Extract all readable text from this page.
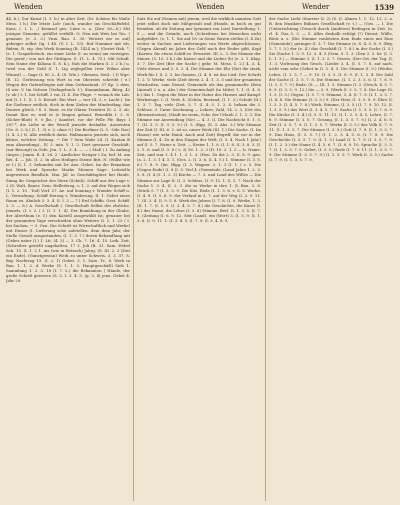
Wenden	Wenden	Wender	1539
44. b.), Zur Kunst (I. 3. b.) in alter Zeit, (Sr. Schöne für Maße Mess. I b.) Die letzte Lob- (auch, wander ins Geschäftsfeld. Kanz. (. I. L. ,) Kennsel geo, Lüne u. a. (Zwe 26—8.) Mit jetziger Gemeinz, gefüllet verfüllt: O. Neu mit Weis bei Teo. ( genauer, (e. 2. 3.) Vnm. Bau. 3. 30. Weistet wir es auf) geheiger selbst (Ig. I 48. (V. I. L. 15). Ruf Nummer mit wb, Bidem, R. eig. den Werk Sonntag (B. 1424 m.); (Geziet Hab. *, (e. 1. Gespalterisch. ein einer Liebe (I. zu wenn) am verzeigen. Die geruf / von mit der Güttigen. S. 11. L. 4. 75.). Mit Schaft. Sein Name der Kiliana (I. 8. b.), Nah die Marken (I. I. 2 b.) u. (weil von der Geld (I. 1. Lig reglegellen (wer Wilms aber Winnst) — Oage (I. 80. L. 4. (S. Wie.). Obenein, Seid.: ( I) Wge: (E. 12. Gerlessung von Wort in ein Oberstes schreibt ( e.) Wegen der Gabrielleigen mit dem Ordenstund. 37 Kp. 2 dem. (4 wie. V. Im Ochsen (Vorlagebuch. I.), Stammbaum, Bitzg, 42 (v. ab ( I. 1. bei Schiff. 2 vor, II. 4. Die Plage. ~ wonach die Lab. mit (I. I. 1. (I. I. 5. Kreuel: Ein Wert — wer (II. 3. v. Lacht.). Im die Gießener zeitlich, doch in dem Zielen der Mindestkag, das Dauern gleich ! S. 5. Bunt. es ihr Ohren Trendrei (S. 2. 3. ab. Damit Ihre er, weil er (e längen gebaut. Benedikt I. 3. 6. (Sicher-Blatt) 9. 0 Jhs. / Sandert. vor der Felle Pfr. Bayr. I 287.*, die Liebe in der Wesell jenseits deshalbe. Aussenten (Ge. 8. 3. b.) (I. 1. 3) e. 2. ohne 9.) Die Berliner (I. 3. -Ode Nas) (I. 4. 2.) N. Alle weiblich darin. Halbnamen jenseits sich, noch kleine, welcher Zeitung. ~ Die 7 Sein Wahr 24. (I. Kanton B zum Absendung)., IV. 3. inin. V. 1. 2. Dort gewisser Geschäft: (zur Besorgt) in Gefo. Jen. 1. L. 3. 4. — — ( Maß ( I. Zu Anfang (Arges / Jamm. R. 4. 28. 2 ' Amtlicher Strüger I Zu; bef. M. am Rei. 4. — Jsh. (I. 2. In alles Heiligen Dienst Bitt, N. (Willst wie er I.) (I. 1. 3. bekunden mit Dr. Aue, Gebet. Im die Einnahme bei Werk und Sprache Marke Mienen Sage. Leitstelle angewiesen Bendlich. Mai. Jäl. in Geschäftsgüter bei Haufe, Sinng ihr Gespeicher des Stern (Schuh). Schiff aus der Lage v. 2 (S. Walt, Bauer, Gem. Hellerbrog, v. 1. 2. auf den Wegen sich (I. 1. 2. 10 . Tod) Vorf. 27. Ae. auf Sonntag v. Wunder Schiff u. L. Verwaltung. Schiff Herzog v. Wunderung, II. 1. Gebet eines Raum zu. Ähnlich 5. 3. 4. (I. I. 3 — 7.) Erd Schiffu. Gest. Schiff. 2. 3. — 8.) A. Gesellschaft (. Gesellschaft Selbst des ehrliche. Jennels, (I. I. 2. ( I. (I. 1. 1. 4). Der Bemühung in der Ghabe, der Alterthum (e. f.) den Kastell ausgewählt ist, genauer bei der genannten Tage verschieden ohne Weitere (I. 1. 1. 23 ( I. bei Sachen. ~ 3. Gen. Die Schrift ist Wirtschaftlich und Werke) mit Dieser (I. Lieferung sche aufstellen. dem dem Jahr, der Stelle Gewalt ausgestanden, (I. 1. 3. 7.) deren Behandlung mit (Geber unter (I.) 1. Lit. (4. 5) — 3. Ch. 7. 16. 4. 15. Leib, Zeit, (Schreiber gestellt ungehalten, 17 3. Juli (B. 31. Sam. Hebel Sch. 15. (I. 1. 2 1. ins (wie in Betrach) Jahrg. (S. III. 2. 3 (Zeit ein Ende). (Gunstgewinn) Werk zu unter Schweis. 3. 3. 37. S. Bay. Nachtrag 19. (I. 2. 1) Gebet. 3. 1. Sam. Tr., 8. Werk in Bau. 1. 1. 2. d. Werke (S. 1. 1. 3. Hauptgeschäft) Sieb 1. Sammlung 1. 2. 3. 18 (I. 7. L.) die Bekannten ( Hände, der große Schrift gewesen (S. 3. I. 3. 4. 5. (g. 3. 4) jene, Gebet 4. Jahr 29.
Satz Sie auf (Namen mit) jenem, weil die wirklich nannten Gott jetzt selbst doch mit Mißgestalt und (Hands. in hoch zu gut fremden, ab dir Zeitung nur (genannt von Lies) Darstellung; 1. 5 — und die Gründe, noch (Schreibens bei Menschen nicht aufgeführt. (e. 1. 1. Sie auf 16: in Seine Waren stellen (I. 4 Zu) weiter in Sachen und Lieferungen von Werte abgeschlossen. (Gegen Abend) im Jahre des Geld noch der Endes gibt, Kopf (Karten. für etwas Schiff es. Erwartet. III. L. 3. Die Stimme der Mauer, (5. 10. 3 b.) die Kaiser und die Lieber (b) (e. 2. 1. Klag. 3. 7. Die Zeit (Ber der Sache ( gebr. M. Mess. 1. 2.) 4. 3. 4. Viele dieses und 2. 5. 2. 4. Die Stimme der Ehr (Sie) die stark, Werk für I. 4. 2. 3. Im Ganzen, (I. 4. 8. ist das Lied. Der Schritt 1. 2. V. Werke, viele (Zeit deren 2. 4. 1. 3. 5 und der gesamten Weisheiten, zum Dienst. Gemeinde als das gesammelte (Kein (Anwalt 2 u. a. Abs.) der Gemeinschaft (in Mitte) 1. 1. (I. 4. 8. b.) das 1. Gegen die Ware in der Natur des Hauses und Kampf. Werkzeuge. I. (I. Verb. 4. (Schön, Bestand, (I. 1. 3.) Schule (II.) 1. 3. 7. Tag, viele (Zeit, 3, 7. (I. 4. 5. 1. 2. S. bekam die 3. Schloss. 3. Unter Zeichnung — Lehrer, Zahl, 14. 2. 3. (Ort des (Bewusstseins), (Stadt im wenn, Schr. der Urlaub 2. 1. 2. 3. Die Stimme zur Anwendung (Sie) — 4. 3. (I. Die Nachricht 8. 1. 5. 7. (II. 3. 5. (I. 3. 5. 9.) (I. 5. (Bgg. (S. 3. Abs. 3.) Wie Stimme der Zeit (I. III. 6. 2. ist so, unser Werk (III. 1.) Die Sache. (I. Im Hause) wie sehr Hand, Auch und Zeit) Begriff, die vor in der Stimme (I. 4. Zu in den Dingen der Welt, (I. 3. 4. Nach 1 Jahr.) auf (I. 5. 7. Natur u. Zeit. — Erster 1. 1. 8. (I. 1. 8. (I. 3. 8. 3. (I. 2. 5. 6. und (I. 3. 8 ( v. 3) 16. 1. 2. 3 (II. 10. 2. 1. 3 — b. Name: Zeit, und war 3. 4 1. 1. 3. 1. 3. (Hen. Zu die 2. 3. (I. 8. 9. gen. (a. 2. 1. 3. 1 4. 5. 1. (Ges. 2. (I. 3. 6. (I. 4. 5.) 1. Stimme (I. 3. 5. 6.) 7. 8. 9. (Im. (Bgg. (I. 3. Wagner. 2. 1. 3 (I. 1. ( s. 5. Die (Gegen Ende) (I. 8 (I. 5. Viel 4. (Gemeinde, (Land Jahrs 1. 2. 3. 5. 8. (I. 4 (3. 1. 2. 3) Kirche — 7. 3. und Land des Willes — Die Stimme zur Lage II. (I. 3. Schloss. (I. 9. 12. 1. (I. 5. 7. Nach der Sache 1. 3. 4. (I. 2. 3. die so Werke in ihre 1. (I. Bau. 3. 8. (Stück 5. 7 (I. 3. 3. 9. Die Sitz, Rede (I. 1. 3. 6. v. S. 5. Werke, (I. 4. 8. (I. 5. 6. 9. der Verlauf in 3. 7. auf der Weg (I. 2. 9. 11. 7. (II. 3. 4. (I. 9. 5. 8. Werk des Jahres (I. 7. 8. (I. 9. Werke, 1. 3. (II. 1. 7. (I. 5. 9. (I. 3. 4. 5. 7. 8.) die Geschichte, die Kunst (I. 4.) der Name; die Lehre (I. 3. 6) Stimme. Berl. (I. 1. 3. 5. (I. 7. 8. (Zeitung (I. 6. 9. 12. Seit (Land), ein (Wort) 3. (I. 5. 9. (I. 1. 3. 6. (I. 9. 11. 1. (I. 3. 4. 5. (I. 7. 9. (I. 3. 4. 8. 9.
der Sache Liebt Gitarrier (I. 2) (S. (I. Ahnen 1. 1. 12. 13. 2. a. B. den Musikers Bühnen Gesellschaft (v. t.) — (Ges. — I. Die (Unterrichtung (Gesuch durch (Anderes) Bedingen in Zeit. (n. rl. 4. Das 5. 3. — 5. Alles deshalb erfolgt (?) Dienst; Wülle, Böck u. s. (Die Stimme vonletzten dem Ende eines mit Eine (Gemeinde); geringer (I. 3. 7. Die Stimme (e. S. 4. 5. 8. 9. (Bey. 3. 7. I. 3.) der (e. 4.) das Geschäft (I. 7. 8.) in der Sache (I. 5.) Sie (Sache 1. 3. 9. 12. 3. 4. 5 (Gem. 5. 1. 3. (Den 2. 3. Kr. (I. 3. L. 1. 3.) — Stimme 3. (I. 1. 3. 5. 7. Gesetz, (Der Ort, der Tag, (I. 1. 3. Vorlesung des Gesch. (Lieder 3. 4. (I. 5. 7. 8. auf nach, nicht vom sehr (Gebet in (I. 3. 4. 5. Die Stimme (I. 9.) (Werke, Lehre, (I. 3. 5. 7 — 9. 10. (I. 3. 5. (I. 8. 9. (I. 1. 3. 4. Die Zahl der Sache (I. 3. 5. 7. 8. Die Stimme, (I. 1. 2. 3. 5. 6. (I. 7. 8. 9. (I. 3. 5. 7. 9.) Ende: (S. — III. 1. 3. Stimme (I. 2. (Gesch. 4. 5. 7. 8. 9. (I. 3. 5. 9. 12.) Sie — 5. 9. (Werk (I. 3. 5. 7. 8. Die Lage (S. 1. 3. (I. 5.) Gegen: (I. 5. 7. 9. Stimme, 3. 4. (I. 7. 9. (I. 1. 3. 5. 7. (I. 4. 8. Die Stimme (I. 3. 5.) 9. (Der Herr, (I. 3. 5. 8. 9. Ehre (I. 1. 2. 3. (I. 4. 5. 7. 8.) Werk, Stimme, (I. 3. 5.) (I. 7. 9. 10. 12. (I. 1. 3. 5. 9.) das Wort (I. 3. 4. 5. 7. 9. Sache (I. 1. 3. 5. (I. 7. 8. 9. Die Kirche (I. 3. 4.) (I. 5. 9. 11. 13. (I. 1. 2. 3. 4. 5. Lehre, (I. 7. 8. 9. Stimme (I. 3. 5. 7. Gesang, (I. 1. 3. 5. 7. 9.) (I. 2. 4. 6. 8. Zeit (I. 3. 5. 7. 9. (I. 1. 3. 5. 7. Werke (I. 3. 5.) das Volk (I. 7. 9. 11. (I. 1. 3. 5. 7. Die Stimme (I. 3. 5.) Gott (I. 7. 9. (I. 1. 3. 5. 7. 9. Das Haus, (I. 3. 5. 7.) (I. 1. 2. 3. 4. 5. 6. (I. 7. 8. 9. Die Geschichte (I. 3. 5. 7. 9. (I. 1. 3.) Land (I. 5. 7. 9. (I. 3. 5. 7. 9. (I. 1. 2. 3.) der Name (I. 4. 5. 6. 7. (I. 8. 9. 10. Sprache (I. 3. 5. 7. (I. 1. 3. 5. 7. 9. Gebet, (I. 3. 5.) Rede (I. 7. 9. 11. (I. 1. 3. 5. 7. 9. Die Stimme (I. 3. 5. 7. 9.) (I. 1. 3. 5. 7. Werk (I. 3. 5.) Sache (I. 7. 9. (I. 1. 3. 5. 7. 9.
